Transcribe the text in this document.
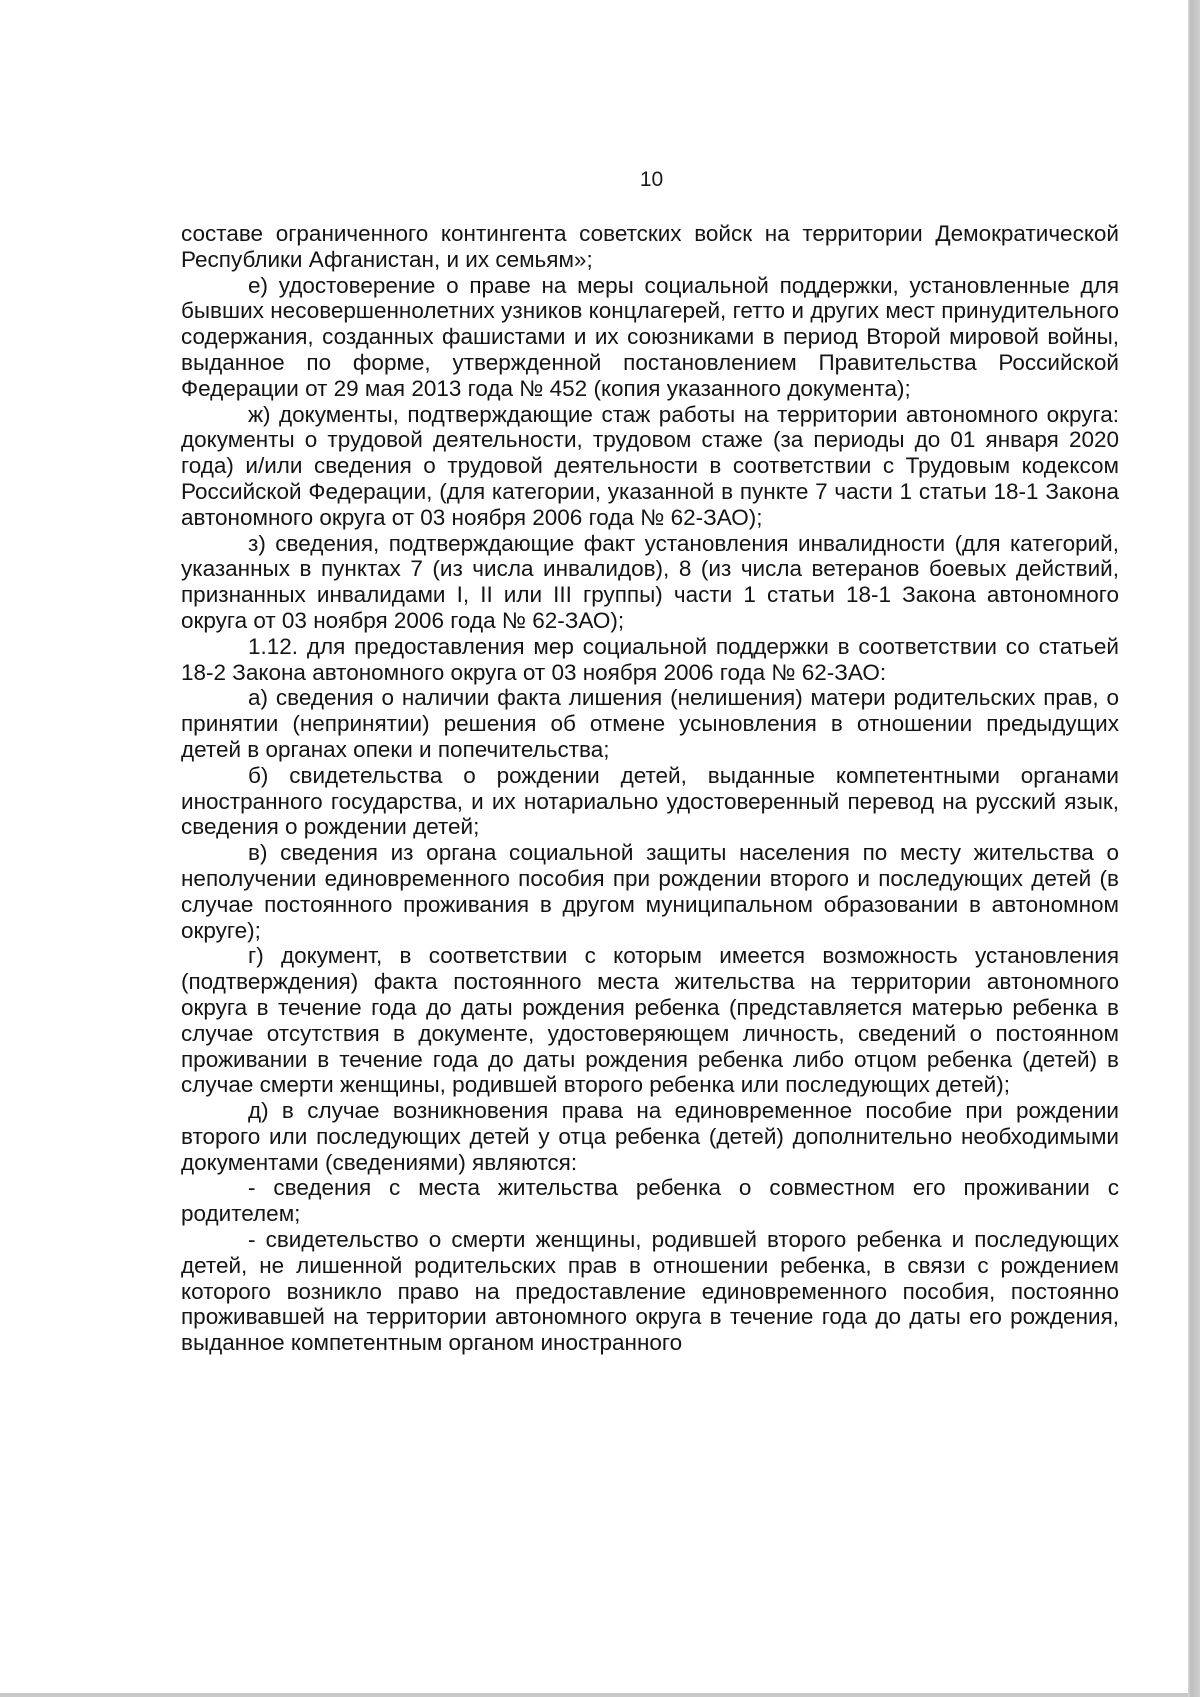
10

составе ограниченного контингента советских войск на территории Демократической Республики Афганистан, и их семьям»;

е) удостоверение о праве на меры социальной поддержки, установленные для бывших несовершеннолетних узников концлагерей, гетто и других мест принудительного содержания, созданных фашистами и их союзниками в период Второй мировой войны, выданное по форме, утвержденной постановлением Правительства Российской Федерации от 29 мая 2013 года № 452 (копия указанного документа);

ж) документы, подтверждающие стаж работы на территории автономного округа: документы о трудовой деятельности, трудовом стаже (за периоды до 01 января 2020 года) и/или сведения о трудовой деятельности в соответствии с Трудовым кодексом Российской Федерации, (для категории, указанной в пункте 7 части 1 статьи 18-1 Закона автономного округа от 03 ноября 2006 года № 62-ЗАО);

з) сведения, подтверждающие факт установления инвалидности (для категорий, указанных в пунктах 7 (из числа инвалидов), 8 (из числа ветеранов боевых действий, признанных инвалидами I, II или III группы) части 1 статьи 18-1 Закона автономного округа от 03 ноября 2006 года № 62-ЗАО);

1.12. для предоставления мер социальной поддержки в соответствии со статьей 18-2 Закона автономного округа от 03 ноября 2006 года № 62-ЗАО:

а) сведения о наличии факта лишения (нелишения) матери родительских прав, о принятии (непринятии) решения об отмене усыновления в отношении предыдущих детей в органах опеки и попечительства;

б) свидетельства о рождении детей, выданные компетентными органами иностранного государства, и их нотариально удостоверенный перевод на русский язык, сведения о рождении детей;

в) сведения из органа социальной защиты населения по месту жительства о неполучении единовременного пособия при рождении второго и последующих детей (в случае постоянного проживания в другом муниципальном образовании в автономном округе);

г) документ, в соответствии с которым имеется возможность установления (подтверждения) факта постоянного места жительства на территории автономного округа в течение года до даты рождения ребенка (представляется матерью ребенка в случае отсутствия в документе, удостоверяющем личность, сведений о постоянном проживании в течение года до даты рождения ребенка либо отцом ребенка (детей) в случае смерти женщины, родившей второго ребенка или последующих детей);

д) в случае возникновения права на единовременное пособие при рождении второго или последующих детей у отца ребенка (детей) дополнительно необходимыми документами (сведениями) являются:

- сведения с места жительства ребенка о совместном его проживании с родителем;

- свидетельство о смерти женщины, родившей второго ребенка и последующих детей, не лишенной родительских прав в отношении ребенка, в связи с рождением которого возникло право на предоставление единовременного пособия, постоянно проживавшей на территории автономного округа в течение года до даты его рождения, выданное компетентным органом иностранного
